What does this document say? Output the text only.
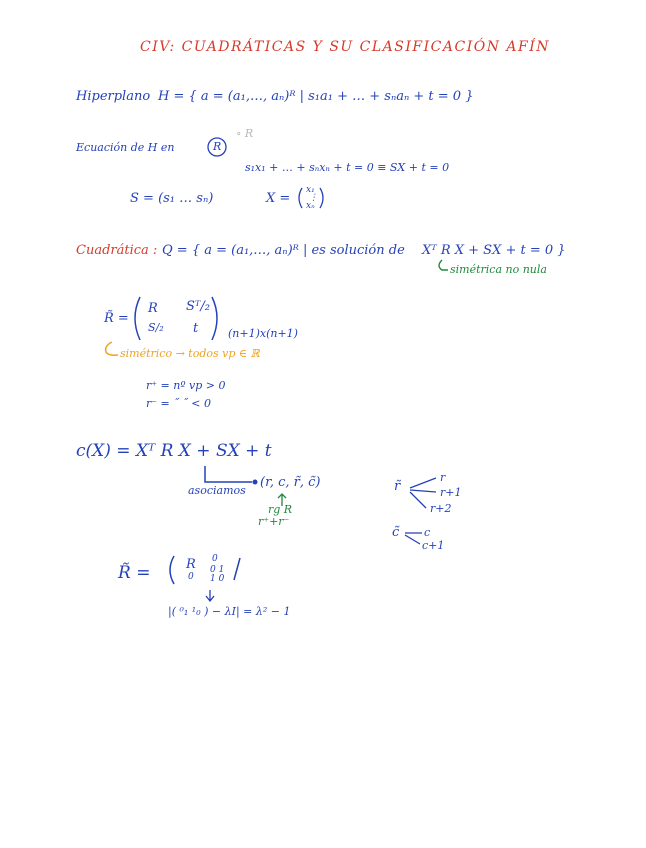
CIV: CUADRÁTICAS Y SU CLASIFICACIÓN AFÍN
Hiperplano H = { a = (a₁,…, aₙ)ᴿ | s₁a₁ + … + sₙaₙ + t = 0 }
Ecuación de H en	R
∘ R
s₁x₁ + … + sₙxₙ + t = 0 ≡ SX + t = 0
S = (s₁ … sₙ)	X =
x₁
⋮
xₙ
Cuadrática : Q = { a = (a₁,…, aₙ)ᴿ | es solución de Xᵀ R X + SX + t = 0 }
simétrica no nula
R̃ =
R Sᵀ/₂
S/₂ t	(n+1)x(n+1)
simétrico → todos vp ∈ ℝ
r⁺ = nº vp > 0
r⁻ = ˝ ˝ < 0
c(X) = Xᵀ R X + SX + t
asociamos
(r, c, r̃, c̃)
rg R
r⁺+r⁻
r̃
r
r+1
r+2
c̃ c
c+1
R̃ =	R 0
0
0 1
1 0
|( ⁰₁ ¹₀ ) − λI| = λ² − 1
